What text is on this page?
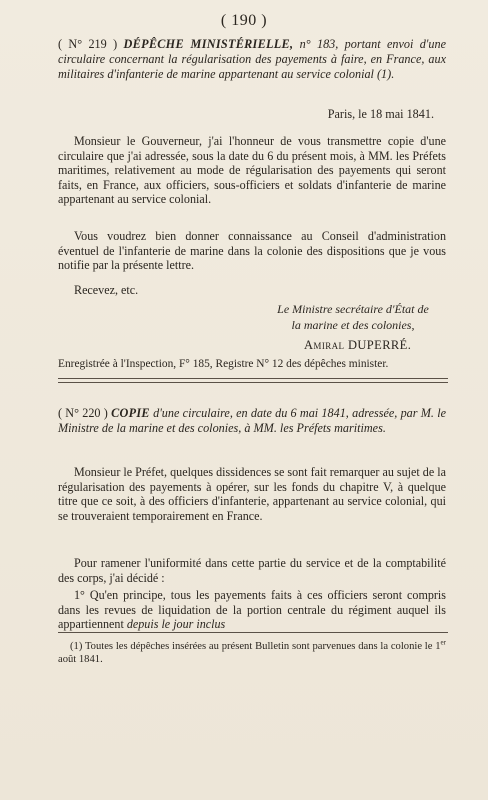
( 190 )
( N° 219 ) DÉPÊCHE MINISTÉRIELLE, n° 183, portant envoi d'une circulaire concernant la régularisation des payements à faire, en France, aux militaires d'infanterie de marine appartenant au service colonial (1).
Paris, le 18 mai 1841.

Monsieur le Gouverneur, j'ai l'honneur de vous transmettre copie d'une circulaire que j'ai adressée, sous la date du 6 du présent mois, à MM. les Préfets maritimes, relativement au mode de régularisation des payements qui seront faits, en France, aux officiers, sous-officiers et soldats d'infanterie de marine appartenant au service colonial.

Vous voudrez bien donner connaissance au Conseil d'administration éventuel de l'infanterie de marine dans la colonie des dispositions que je vous notifie par la présente lettre.

Recevez, etc.

Le Ministre secrétaire d'État de
la marine et des colonies,
Amiral DUPERRÉ.
Enregistrée à l'Inspection, F° 185, Registre N° 12 des dépêches minister.
( N° 220 ) COPIE d'une circulaire, en date du 6 mai 1841, adressée, par M. le Ministre de la marine et des colonies, à MM. les Préfets maritimes.

Monsieur le Préfet, quelques dissidences se sont fait remarquer au sujet de la régularisation des payements à opérer, sur les fonds du chapitre V, à quelque titre que ce soit, à des officiers d'infanterie, appartenant au service colonial, qui se trouveraient temporairement en France.

Pour ramener l'uniformité dans cette partie du service et de la comptabilité des corps, j'ai décidé :

1° Qu'en principe, tous les payements faits à ces officiers seront compris dans les revues de liquidation de la portion centrale du régiment auquel ils appartiennent depuis le jour inclus

(1) Toutes les dépêches insérées au présent Bulletin sont parvenues dans la colonie le 1er août 1841.
